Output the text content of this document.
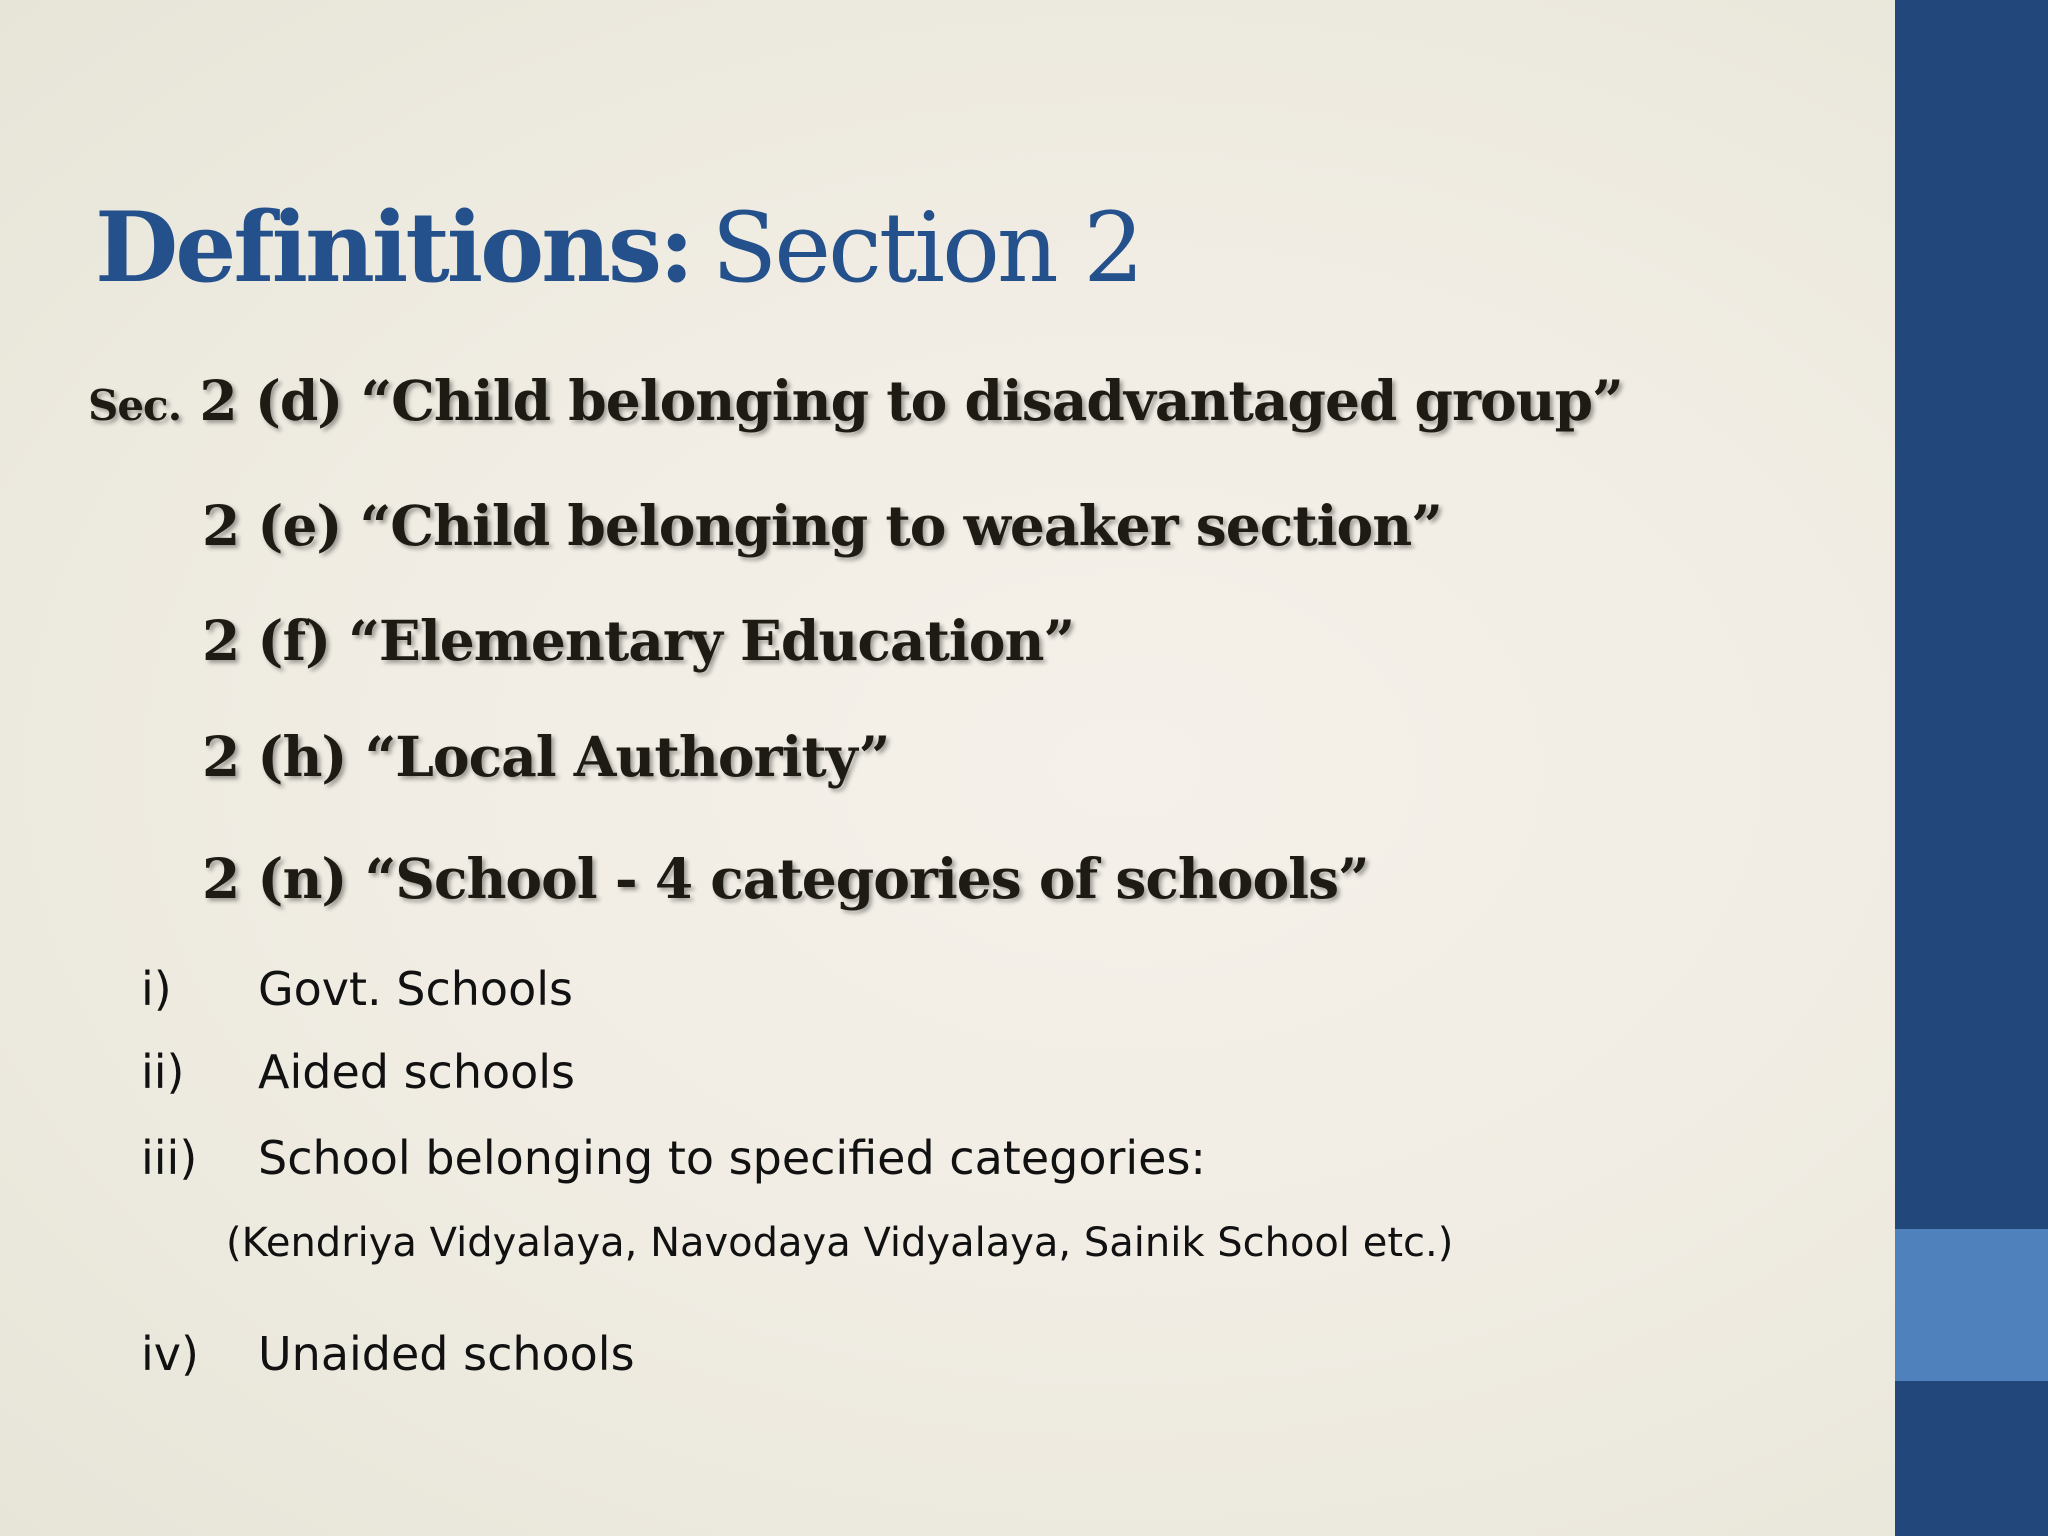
Definitions: Section 2
Sec. 2 (d) “Child belonging to disadvantaged group”
2 (e) “Child belonging to weaker section”
2 (f) “Elementary Education”
2 (h) “Local Authority”
2 (n) “School - 4 categories of schools”
i) Govt. Schools
ii) Aided schools
iii) School belonging to specified categories:
(Kendriya Vidyalaya, Navodaya Vidyalaya, Sainik School etc.)
iv) Unaided schools
